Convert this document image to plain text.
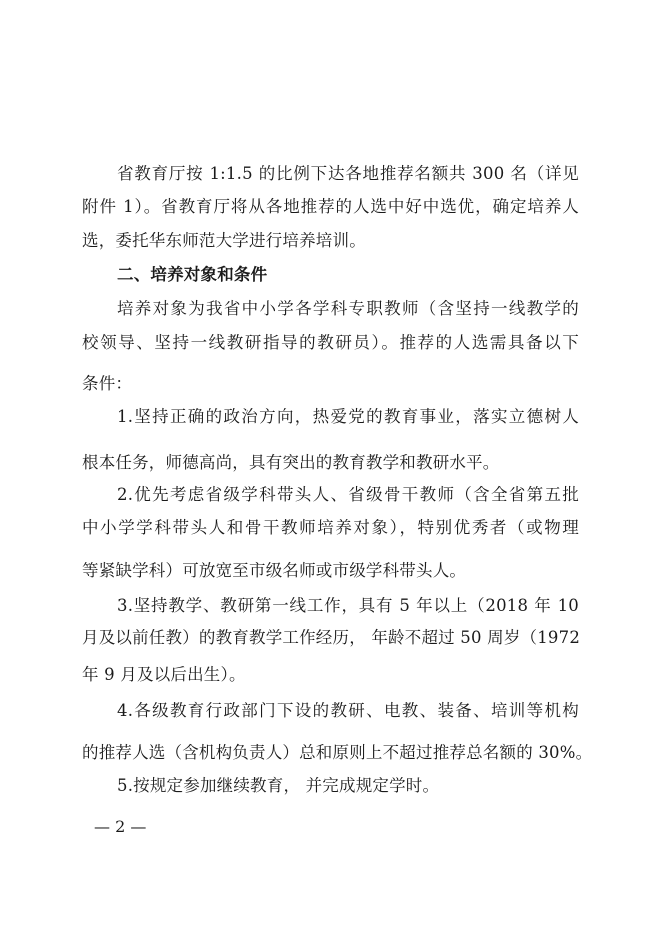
省教育厅按 1:1.5 的比例下达各地推荐名额共 300 名（详见
附件 1）。省教育厅将从各地推荐的人选中好中选优，确定培养人
选，委托华东师范大学进行培养培训。
二、培养对象和条件
培养对象为我省中小学各学科专职教师（含坚持一线教学的
校领导、坚持一线教研指导的教研员）。推荐的人选需具备以下
条件：
1.坚持正确的政治方向，热爱党的教育事业，落实立德树人
根本任务，师德高尚，具有突出的教育教学和教研水平。
2.优先考虑省级学科带头人、省级骨干教师（含全省第五批
中小学学科带头人和骨干教师培养对象），特别优秀者（或物理
等紧缺学科）可放宽至市级名师或市级学科带头人。
3.坚持教学、教研第一线工作，具有 5 年以上（2018 年 10
月及以前任教）的教育教学工作经历， 年龄不超过 50 周岁（1972
年 9 月及以后出生）。
4.各级教育行政部门下设的教研、电教、装备、培训等机构
的推荐人选（含机构负责人）总和原则上不超过推荐总名额的 30%。
5.按规定参加继续教育， 并完成规定学时。
— 2 —
